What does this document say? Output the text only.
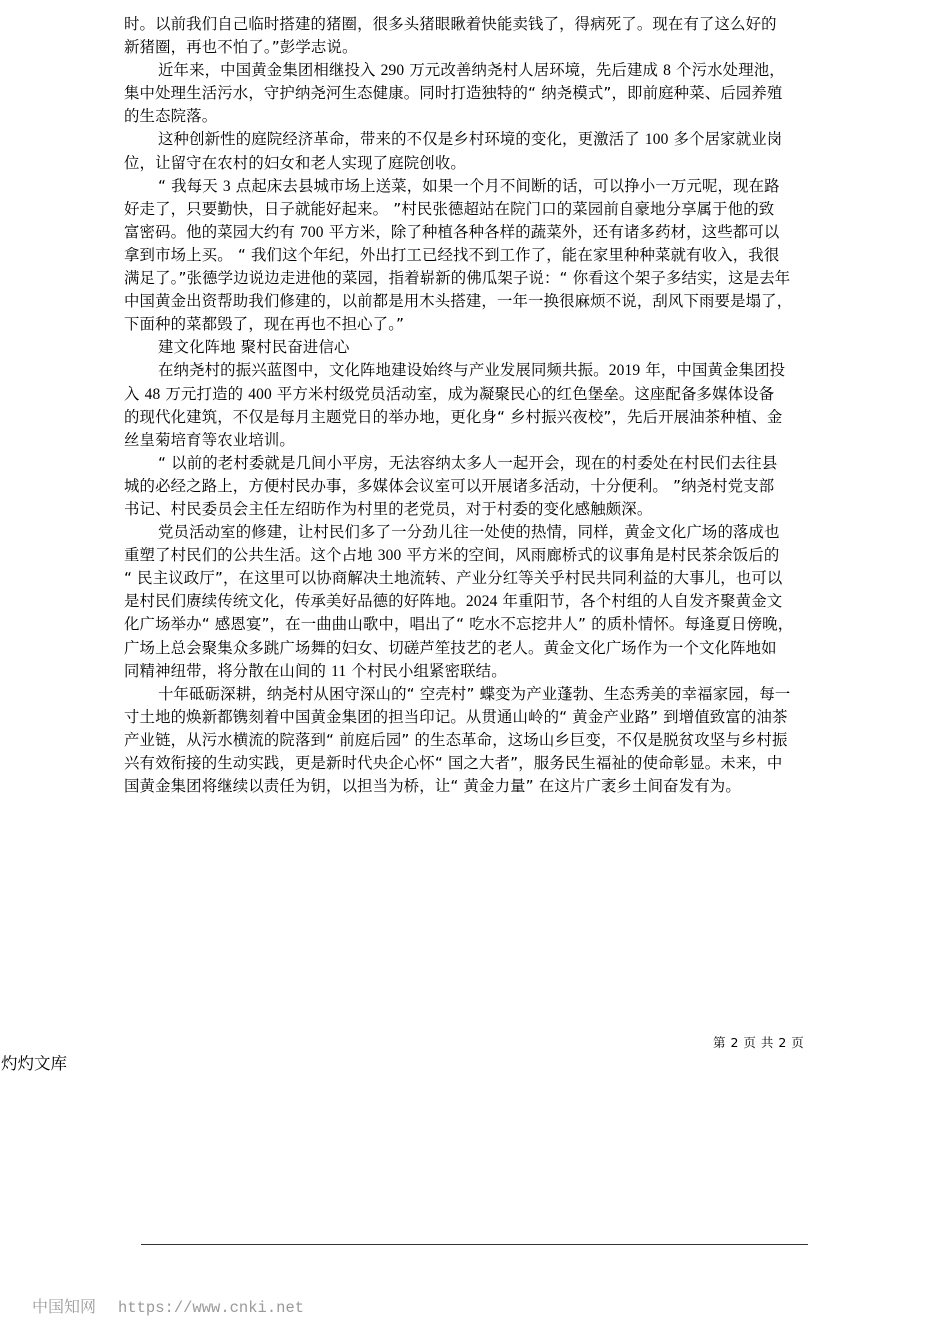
时。以前我们自己临时搭建的猪圈，很多头猪眼瞅着快能卖钱了，得病死了。现在有了这么好的
新猪圈，再也不怕了。”彭学志说。
近年来，中国黄金集团相继投入 290 万元改善纳尧村人居环境，先后建成 8 个污水处理池，
集中处理生活污水，守护纳尧河生态健康。同时打造独特的“ 纳尧模式”，即前庭种菜、后园养殖
的生态院落。
这种创新性的庭院经济革命，带来的不仅是乡村环境的变化，更激活了 100 多个居家就业岗
位，让留守在农村的妇女和老人实现了庭院创收。
“ 我每天 3 点起床去县城市场上送菜，如果一个月不间断的话，可以挣小一万元呢，现在路
好走了，只要勤快，日子就能好起来。 ”村民张德超站在院门口的菜园前自豪地分享属于他的致
富密码。他的菜园大约有 700 平方米，除了种植各种各样的蔬菜外，还有诸多药材，这些都可以
拿到市场上买。 “ 我们这个年纪，外出打工已经找不到工作了，能在家里种种菜就有收入，我很
满足了。”张德学边说边走进他的菜园，指着崭新的佛瓜架子说：“ 你看这个架子多结实，这是去年
中国黄金出资帮助我们修建的，以前都是用木头搭建，一年一换很麻烦不说，刮风下雨要是塌了，
下面种的菜都毁了，现在再也不担心了。”
建文化阵地 聚村民奋进信心
在纳尧村的振兴蓝图中，文化阵地建设始终与产业发展同频共振。2019 年，中国黄金集团投
入 48 万元打造的 400 平方米村级党员活动室，成为凝聚民心的红色堡垒。这座配备多媒体设备
的现代化建筑，不仅是每月主题党日的举办地，更化身“ 乡村振兴夜校”，先后开展油茶种植、金
丝皇菊培育等农业培训。
“ 以前的老村委就是几间小平房，无法容纳太多人一起开会，现在的村委处在村民们去往县
城的必经之路上，方便村民办事，多媒体会议室可以开展诸多活动，十分便利。 ”纳尧村党支部
书记、村民委员会主任左绍昉作为村里的老党员，对于村委的变化感触颇深。
党员活动室的修建，让村民们多了一分劲儿往一处使的热情，同样，黄金文化广场的落成也
重塑了村民们的公共生活。这个占地 300 平方米的空间，风雨廊桥式的议事角是村民茶余饭后的
“ 民主议政厅”，在这里可以协商解决土地流转、产业分红等关乎村民共同利益的大事儿，也可以
是村民们赓续传统文化，传承美好品德的好阵地。2024 年重阳节，各个村组的人自发齐聚黄金文
化广场举办“ 感恩宴”，在一曲曲山歌中，唱出了“ 吃水不忘挖井人” 的质朴情怀。每逢夏日傍晚，
广场上总会聚集众多跳广场舞的妇女、切磋芦笙技艺的老人。黄金文化广场作为一个文化阵地如
同精神纽带，将分散在山间的 11 个村民小组紧密联结。
十年砥砺深耕，纳尧村从困守深山的“ 空壳村” 蝶变为产业蓬勃、生态秀美的幸福家园，每一
寸土地的焕新都镌刻着中国黄金集团的担当印记。从贯通山岭的“ 黄金产业路” 到增值致富的油茶
产业链，从污水横流的院落到“ 前庭后园” 的生态革命，这场山乡巨变，不仅是脱贫攻坚与乡村振
兴有效衔接的生动实践，更是新时代央企心怀“ 国之大者”，服务民生福祉的使命彰显。未来，中
国黄金集团将继续以责任为钥，以担当为桥，让“ 黄金力量” 在这片广袤乡土间奋发有为。
第 2 页 共 2 页
灼灼文库
中国知网 https://www.cnki.net
